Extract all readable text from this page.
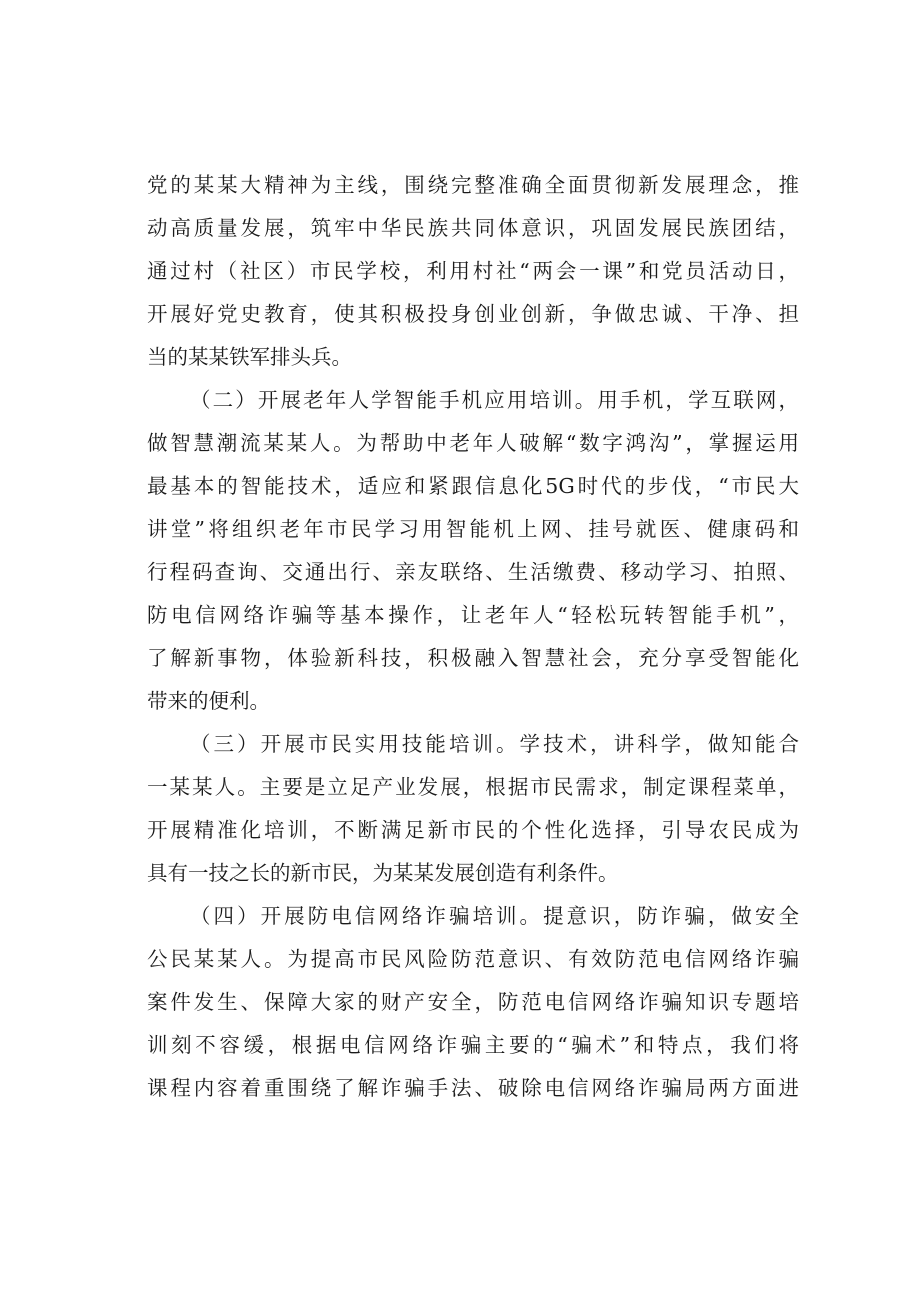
党的某某大精神为主线，围绕完整准确全面贯彻新发展理念，推
动高质量发展，筑牢中华民族共同体意识，巩固发展民族团结，
通过村（社区）市民学校，利用村社“两会一课”和党员活动日，
开展好党史教育，使其积极投身创业创新，争做忠诚、干净、担
当的某某铁军排头兵。
（二）开展老年人学智能手机应用培训。用手机，学互联网，
做智慧潮流某某人。为帮助中老年人破解“数字鸿沟”，掌握运用
最基本的智能技术，适应和紧跟信息化5G时代的步伐，“市民大
讲堂”将组织老年市民学习用智能机上网、挂号就医、健康码和
行程码查询、交通出行、亲友联络、生活缴费、移动学习、拍照、
防电信网络诈骗等基本操作，让老年人“轻松玩转智能手机”，
了解新事物，体验新科技，积极融入智慧社会，充分享受智能化
带来的便利。
（三）开展市民实用技能培训。学技术，讲科学，做知能合
一某某人。主要是立足产业发展，根据市民需求，制定课程菜单，
开展精准化培训，不断满足新市民的个性化选择，引导农民成为
具有一技之长的新市民，为某某发展创造有利条件。
（四）开展防电信网络诈骗培训。提意识，防诈骗，做安全
公民某某人。为提高市民风险防范意识、有效防范电信网络诈骗
案件发生、保障大家的财产安全，防范电信网络诈骗知识专题培
训刻不容缓，根据电信网络诈骗主要的“骗术”和特点，我们将
课程内容着重围绕了解诈骗手法、破除电信网络诈骗局两方面进
